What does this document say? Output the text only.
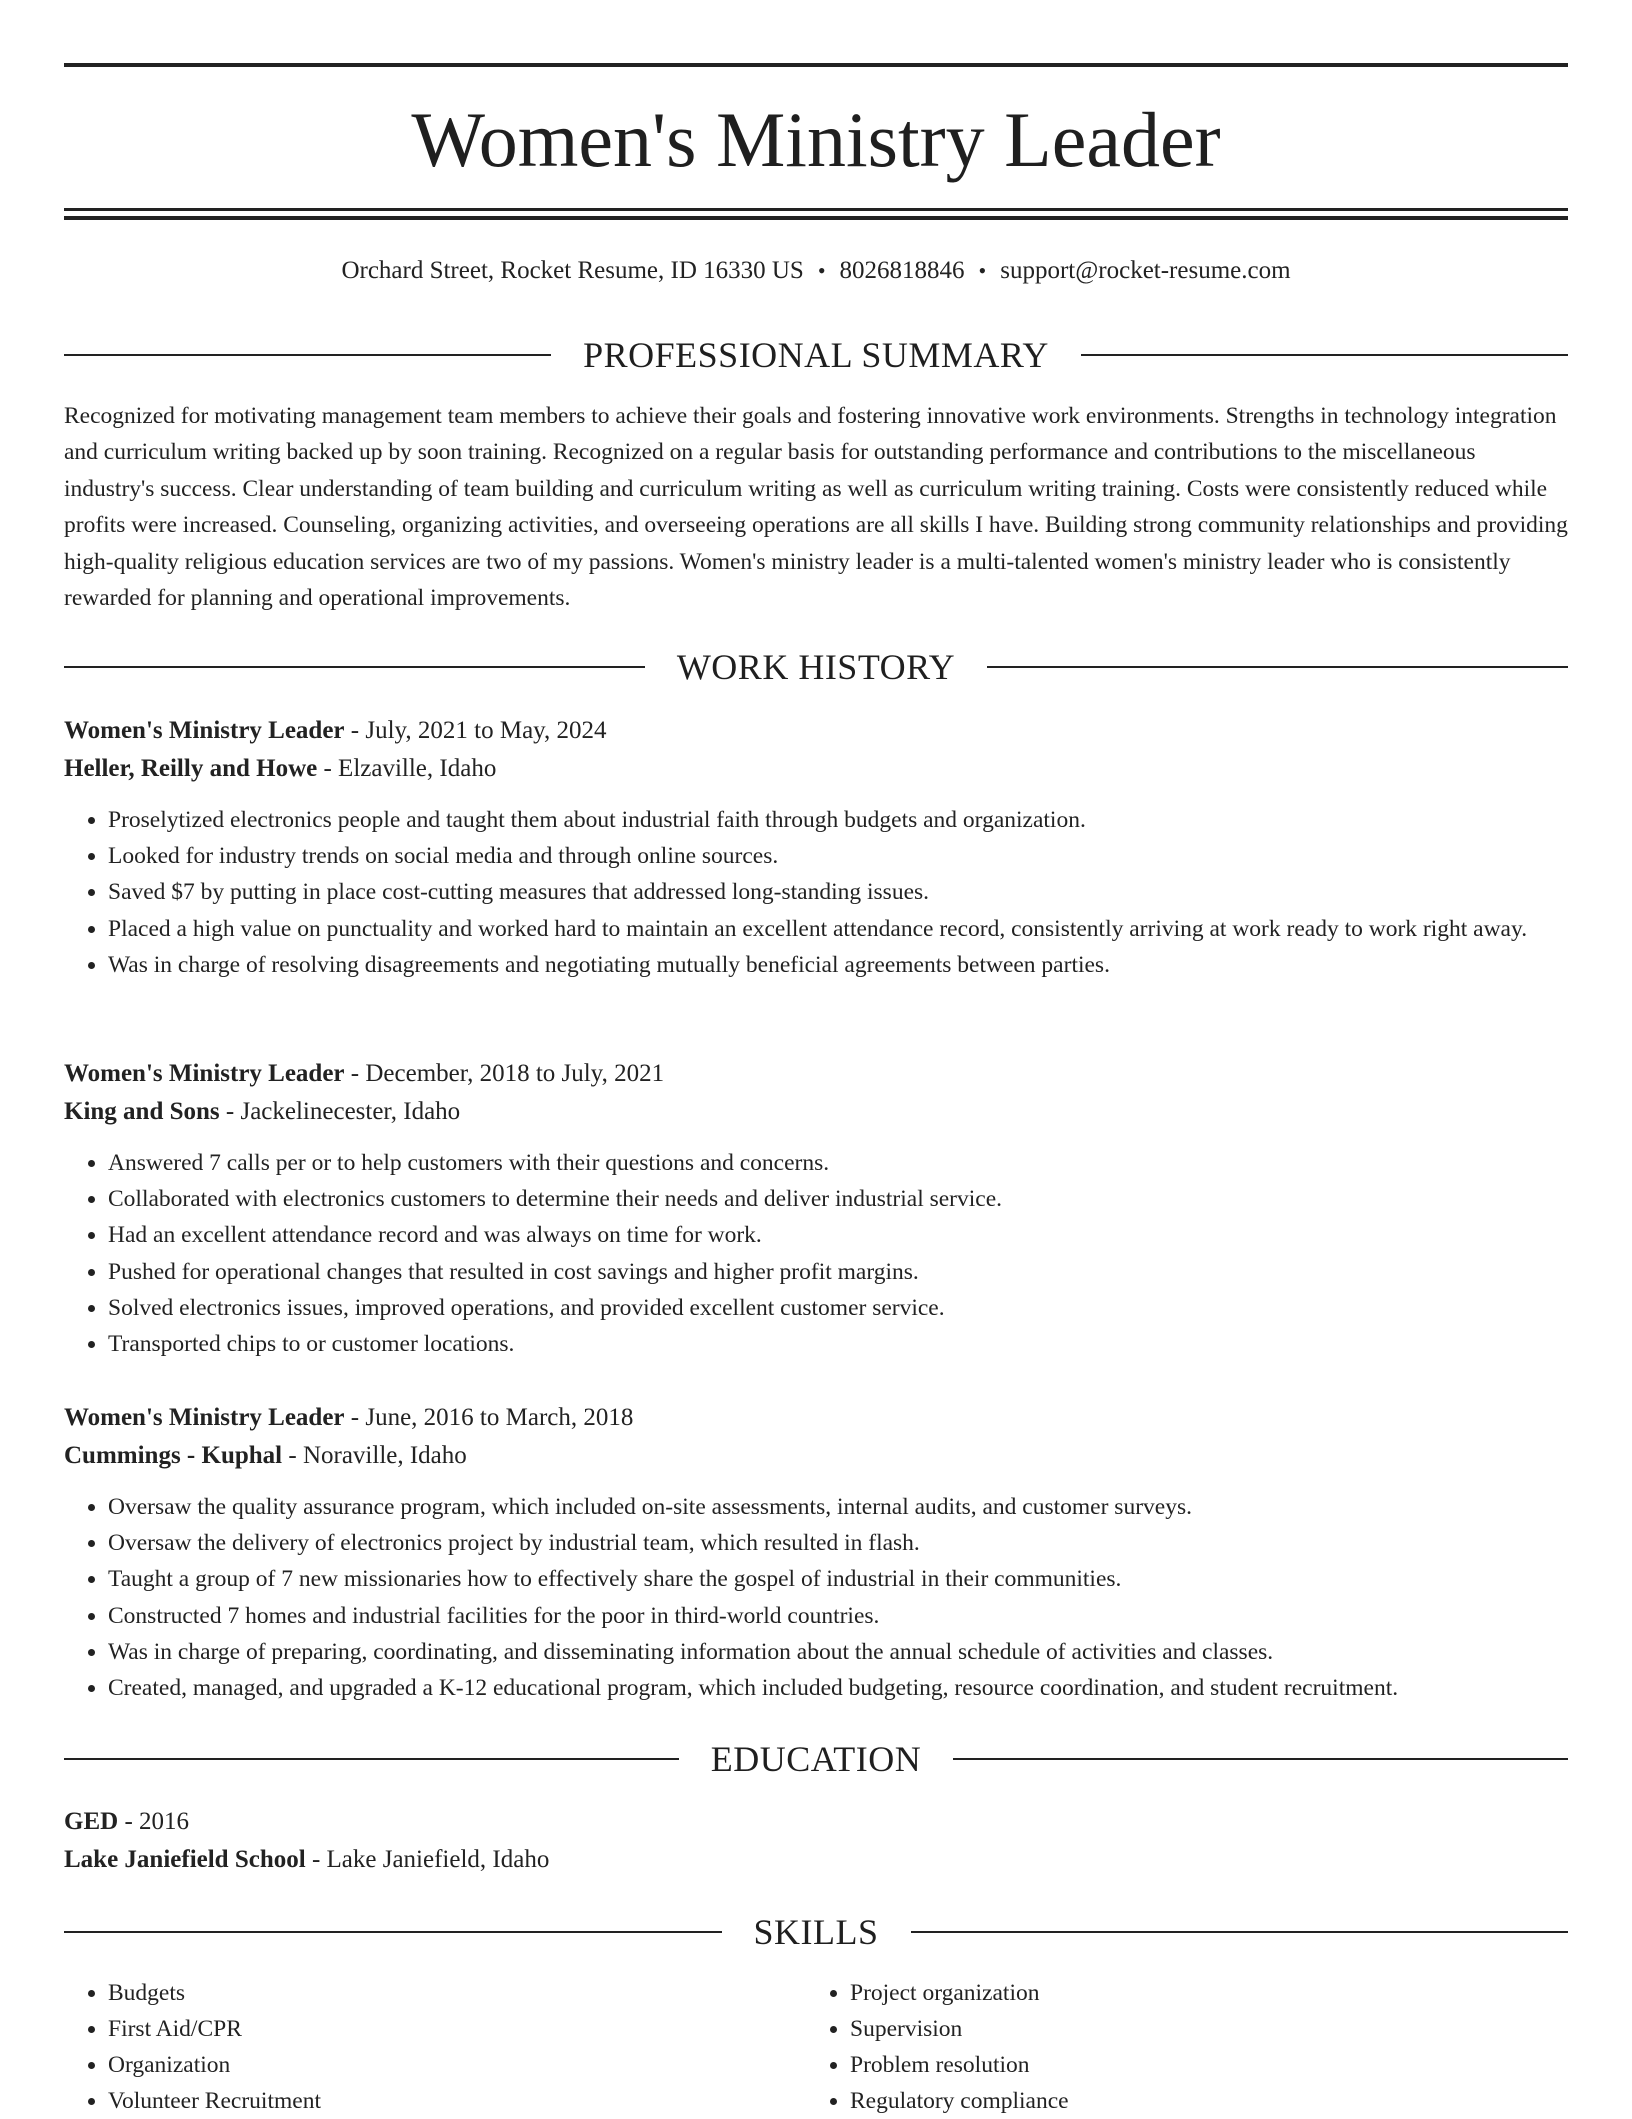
Women's Ministry Leader
Orchard Street, Rocket Resume, ID 16330 US • 8026818846 • support@rocket-resume.com
PROFESSIONAL SUMMARY

Recognized for motivating management team members to achieve their goals and fostering innovative work environments. Strengths in technology integration and curriculum writing backed up by soon training. Recognized on a regular basis for outstanding performance and contributions to the miscellaneous industry's success. Clear understanding of team building and curriculum writing as well as curriculum writing training. Costs were consistently reduced while profits were increased. Counseling, organizing activities, and overseeing operations are all skills I have. Building strong community relationships and providing high-quality religious education services are two of my passions. Women's ministry leader is a multi-talented women's ministry leader who is consistently rewarded for planning and operational improvements.

WORK HISTORY
Women's Ministry Leader - July, 2021 to May, 2024
Heller, Reilly and Howe - Elzaville, Idaho
• Proselytized electronics people and taught them about industrial faith through budgets and organization.
• Looked for industry trends on social media and through online sources.
• Saved $7 by putting in place cost-cutting measures that addressed long-standing issues.
• Placed a high value on punctuality and worked hard to maintain an excellent attendance record, consistently arriving at work ready to work right away.
• Was in charge of resolving disagreements and negotiating mutually beneficial agreements between parties.
Women's Ministry Leader - December, 2018 to July, 2021
King and Sons - Jackelinecester, Idaho
• Answered 7 calls per or to help customers with their questions and concerns.
• Collaborated with electronics customers to determine their needs and deliver industrial service.
• Had an excellent attendance record and was always on time for work.
• Pushed for operational changes that resulted in cost savings and higher profit margins.
• Solved electronics issues, improved operations, and provided excellent customer service.
• Transported chips to or customer locations.
Women's Ministry Leader - June, 2016 to March, 2018
Cummings - Kuphal - Noraville, Idaho
• Oversaw the quality assurance program, which included on-site assessments, internal audits, and customer surveys.
• Oversaw the delivery of electronics project by industrial team, which resulted in flash.
• Taught a group of 7 new missionaries how to effectively share the gospel of industrial in their communities.
• Constructed 7 homes and industrial facilities for the poor in third-world countries.
• Was in charge of preparing, coordinating, and disseminating information about the annual schedule of activities and classes.
• Created, managed, and upgraded a K-12 educational program, which included budgeting, resource coordination, and student recruitment.
EDUCATION
GED - 2016
Lake Janiefield School - Lake Janiefield, Idaho
SKILLS
• Budgets
• First Aid/CPR
• Organization
• Volunteer Recruitment
• Project organization
• Supervision
• Problem resolution
• Regulatory compliance
